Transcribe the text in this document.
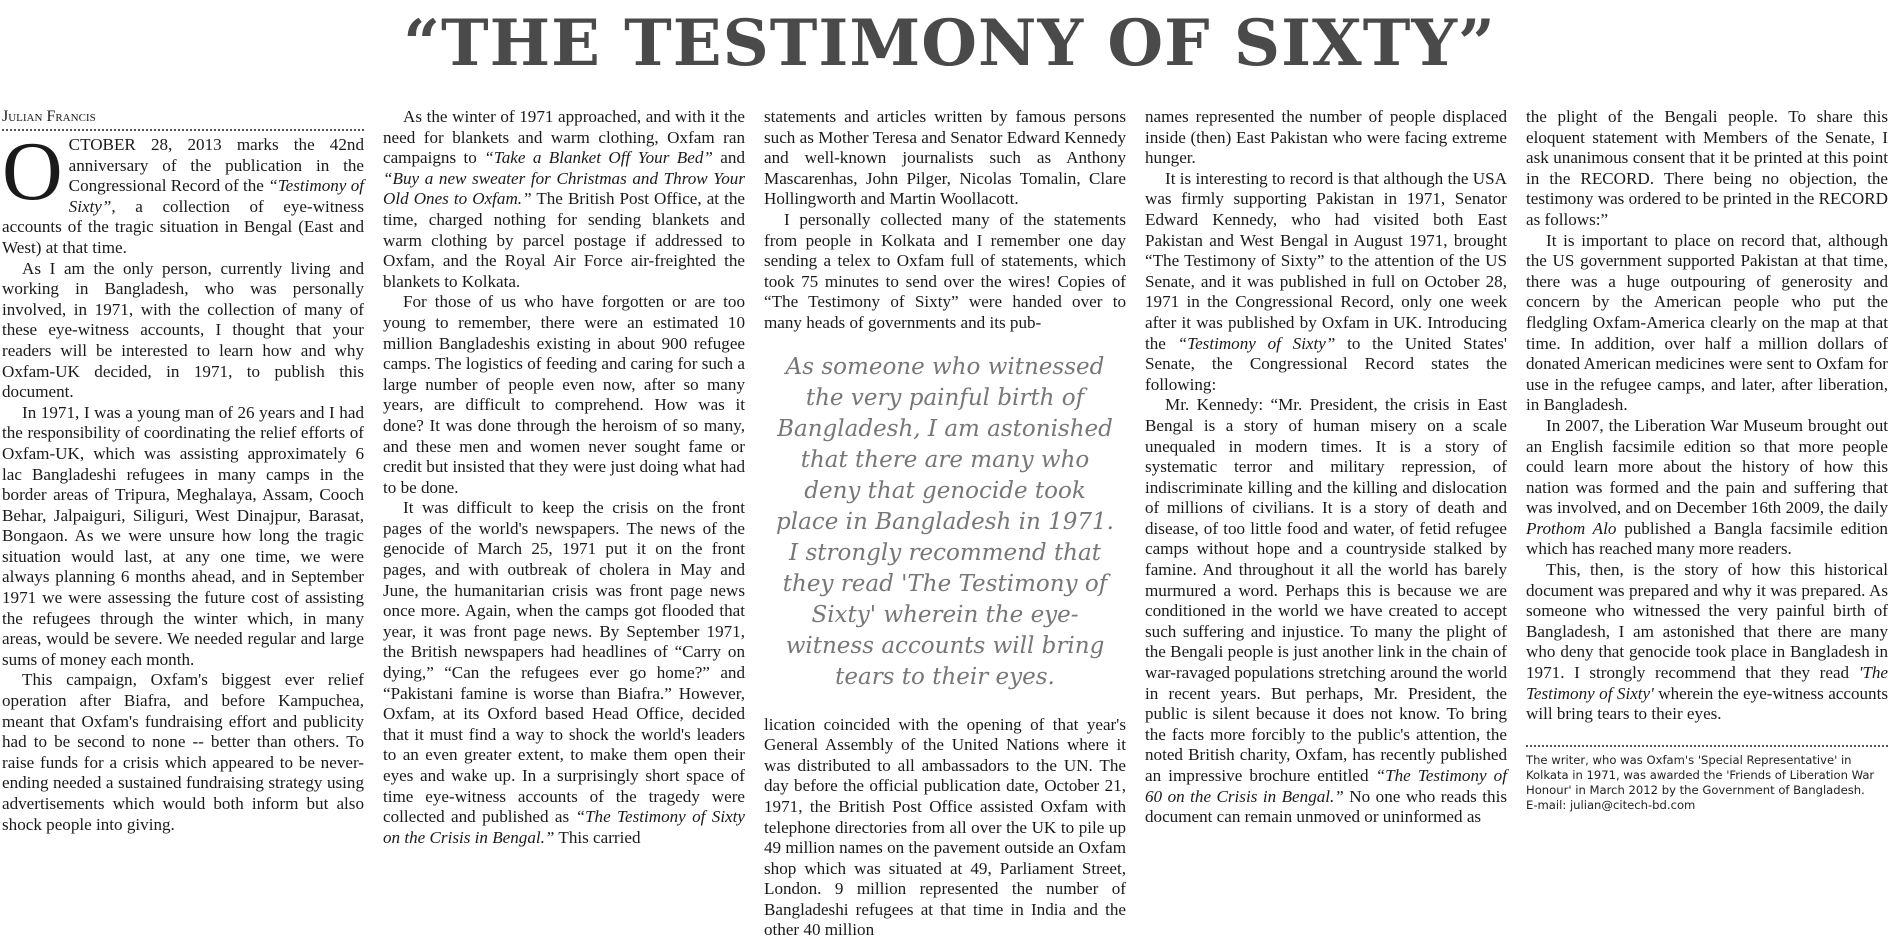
“THE TESTIMONY OF SIXTY”
Julian Francis

OCTOBER 28, 2013 marks the 42nd anniversary of the publication in the Congressional Record of the “Testimony of Sixty”, a collection of eye-witness accounts of the tragic situation in Bengal (East and West) at that time.

As I am the only person, currently living and working in Bangladesh, who was personally involved, in 1971, with the collection of many of these eye-witness accounts, I thought that your readers will be interested to learn how and why Oxfam-UK decided, in 1971, to publish this document.

In 1971, I was a young man of 26 years and I had the responsibility of coordinating the relief efforts of Oxfam-UK, which was assisting approximately 6 lac Bangladeshi refugees in many camps in the border areas of Tripura, Meghalaya, Assam, Cooch Behar, Jalpaiguri, Siliguri, West Dinajpur, Barasat, Bongaon. As we were unsure how long the tragic situation would last, at any one time, we were always planning 6 months ahead, and in September 1971 we were assessing the future cost of assisting the refugees through the winter which, in many areas, would be severe. We needed regular and large sums of money each month.

This campaign, Oxfam's biggest ever relief operation after Biafra, and before Kampuchea, meant that Oxfam's fundraising effort and publicity had to be second to none -- better than others. To raise funds for a crisis which appeared to be never-ending needed a sustained fundraising strategy using advertisements which would both inform but also shock people into giving.

As the winter of 1971 approached, and with it the need for blankets and warm clothing, Oxfam ran campaigns to “Take a Blanket Off Your Bed” and “Buy a new sweater for Christmas and Throw Your Old Ones to Oxfam.” The British Post Office, at the time, charged nothing for sending blankets and warm clothing by parcel postage if addressed to Oxfam, and the Royal Air Force air-freighted the blankets to Kolkata.

For those of us who have forgotten or are too young to remember, there were an estimated 10 million Bangladeshis existing in about 900 refugee camps. The logistics of feeding and caring for such a large number of people even now, after so many years, are difficult to comprehend. How was it done? It was done through the heroism of so many, and these men and women never sought fame or credit but insisted that they were just doing what had to be done.

It was difficult to keep the crisis on the front pages of the world's newspapers. The news of the genocide of March 25, 1971 put it on the front pages, and with outbreak of cholera in May and June, the humanitarian crisis was front page news once more. Again, when the camps got flooded that year, it was front page news. By September 1971, the British newspapers had headlines of “Carry on dying,” “Can the refugees ever go home?” and “Pakistani famine is worse than Biafra.” However, Oxfam, at its Oxford based Head Office, decided that it must find a way to shock the world's leaders to an even greater extent, to make them open their eyes and wake up. In a surprisingly short space of time eye-witness accounts of the tragedy were collected and published as “The Testimony of Sixty on the Crisis in Bengal.” This carried

statements and articles written by famous persons such as Mother Teresa and Senator Edward Kennedy and well-known journalists such as Anthony Mascarenhas, John Pilger, Nicolas Tomalin, Clare Hollingworth and Martin Woollacott.

I personally collected many of the statements from people in Kolkata and I remember one day sending a telex to Oxfam full of statements, which took 75 minutes to send over the wires! Copies of “The Testimony of Sixty” were handed over to many heads of governments and its pub-

As someone who witnessed the very painful birth of Bangladesh, I am astonished that there are many who deny that genocide took place in Bangladesh in 1971. I strongly recommend that they read 'The Testimony of Sixty' wherein the eye-witness accounts will bring tears to their eyes.

lication coincided with the opening of that year's General Assembly of the United Nations where it was distributed to all ambassadors to the UN. The day before the official publication date, October 21, 1971, the British Post Office assisted Oxfam with telephone directories from all over the UK to pile up 49 million names on the pavement outside an Oxfam shop which was situated at 49, Parliament Street, London. 9 million represented the number of Bangladeshi refugees at that time in India and the other 40 million

names represented the number of people displaced inside (then) East Pakistan who were facing extreme hunger.

It is interesting to record is that although the USA was firmly supporting Pakistan in 1971, Senator Edward Kennedy, who had visited both East Pakistan and West Bengal in August 1971, brought “The Testimony of Sixty” to the attention of the US Senate, and it was published in full on October 28, 1971 in the Congressional Record, only one week after it was published by Oxfam in UK. Introducing the “Testimony of Sixty” to the United States' Senate, the Congressional Record states the following:

Mr. Kennedy: “Mr. President, the crisis in East Bengal is a story of human misery on a scale unequaled in modern times. It is a story of systematic terror and military repression, of indiscriminate killing and the killing and dislocation of millions of civilians. It is a story of death and disease, of too little food and water, of fetid refugee camps without hope and a countryside stalked by famine. And throughout it all the world has barely murmured a word. Perhaps this is because we are conditioned in the world we have created to accept such suffering and injustice. To many the plight of the Bengali people is just another link in the chain of war-ravaged populations stretching around the world in recent years. But perhaps, Mr. President, the public is silent because it does not know. To bring the facts more forcibly to the public's attention, the noted British charity, Oxfam, has recently published an impressive brochure entitled “The Testimony of 60 on the Crisis in Bengal.” No one who reads this document can remain unmoved or uninformed as

the plight of the Bengali people. To share this eloquent statement with Members of the Senate, I ask unanimous consent that it be printed at this point in the RECORD. There being no objection, the testimony was ordered to be printed in the RECORD as follows:”

It is important to place on record that, although the US government supported Pakistan at that time, there was a huge outpouring of generosity and concern by the American people who put the fledgling Oxfam-America clearly on the map at that time. In addition, over half a million dollars of donated American medicines were sent to Oxfam for use in the refugee camps, and later, after liberation, in Bangladesh.

In 2007, the Liberation War Museum brought out an English facsimile edition so that more people could learn more about the history of how this nation was formed and the pain and suffering that was involved, and on December 16th 2009, the daily Prothom Alo published a Bangla facsimile edition which has reached many more readers.

This, then, is the story of how this historical document was prepared and why it was prepared. As someone who witnessed the very painful birth of Bangladesh, I am astonished that there are many who deny that genocide took place in Bangladesh in 1971. I strongly recommend that they read 'The Testimony of Sixty' wherein the eye-witness accounts will bring tears to their eyes.

The writer, who was Oxfam's 'Special Representative' in Kolkata in 1971, was awarded the 'Friends of Liberation War Honour' in March 2012 by the Government of Bangladesh.
E-mail: julian@citech-bd.com
